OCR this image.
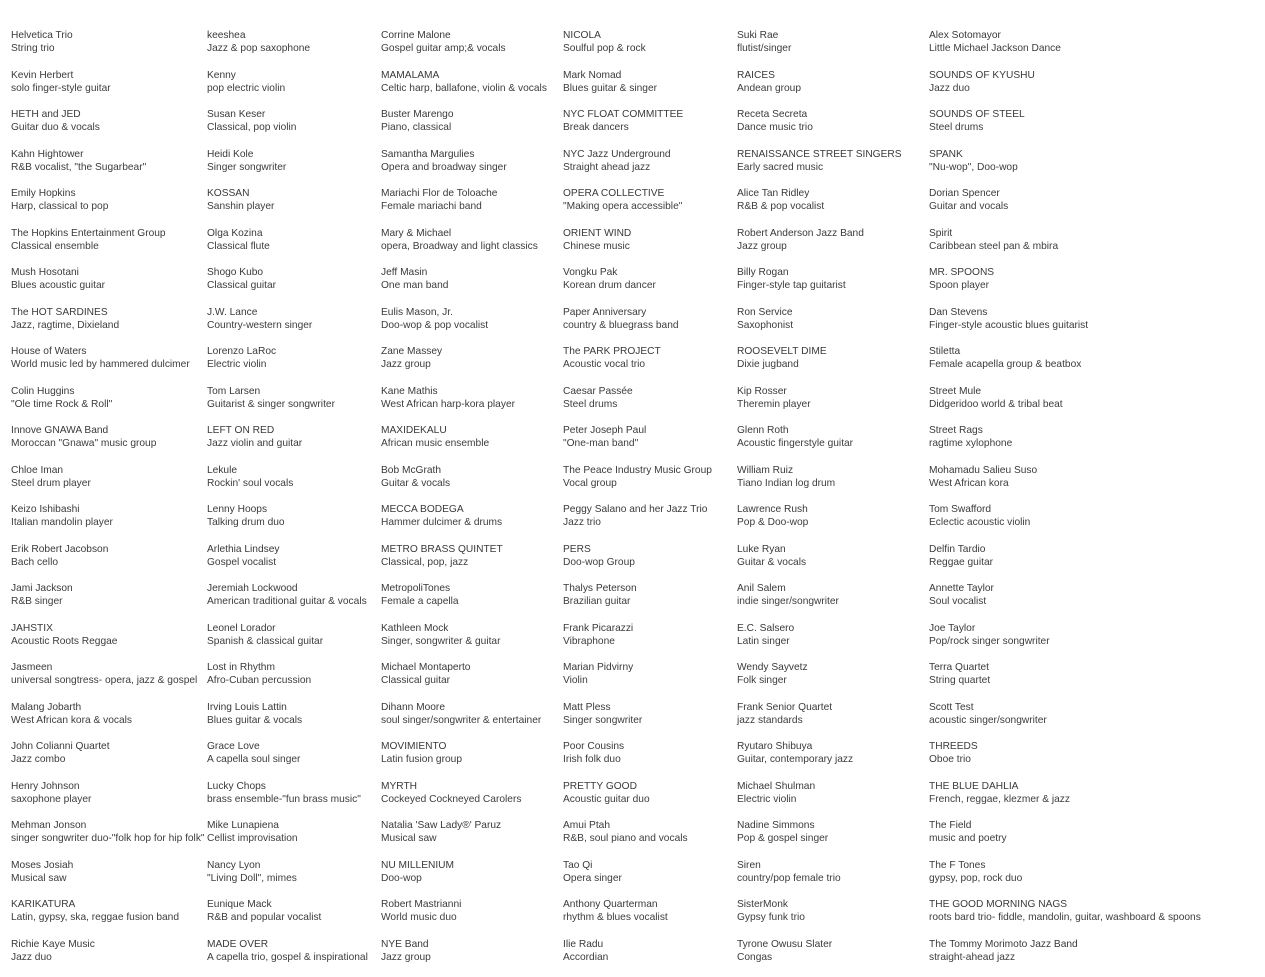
Helvetica Trio
String trio
Kevin Herbert
solo finger-style guitar
HETH and JED
Guitar duo & vocals
Kahn Hightower
R&B vocalist, "the Sugarbear"
Emily Hopkins
Harp, classical to pop
The Hopkins Entertainment Group
Classical ensemble
Mush Hosotani
Blues acoustic guitar
The HOT SARDINES
Jazz, ragtime, Dixieland
House of Waters
World music led by hammered dulcimer
Colin Huggins
"Ole time Rock & Roll"
Innove GNAWA Band
Moroccan "Gnawa" music group
Chloe Iman
Steel drum player
Keizo Ishibashi
Italian mandolin player
Erik Robert Jacobson
Bach cello
Jami Jackson
R&B singer
JAHSTIX
Acoustic Roots Reggae
Jasmeen
universal songtress- opera, jazz & gospel
Malang Jobarth
West African kora & vocals
John Colianni Quartet
Jazz combo
Henry Johnson
saxophone player
Mehman Jonson
singer songwriter duo-"folk hop for hip folk"
Moses Josiah
Musical saw
KARIKATURA
Latin, gypsy, ska, reggae fusion band
Richie Kaye Music
Jazz duo
keeshea
Jazz & pop saxophone
Kenny
pop electric violin
Susan Keser
Classical, pop violin
Heidi Kole
Singer songwriter
KOSSAN
Sanshin player
Olga Kozina
Classical flute
Shogo Kubo
Classical guitar
J.W. Lance
Country-western singer
Lorenzo LaRoc
Electric violin
Tom Larsen
Guitarist & singer songwriter
LEFT ON RED
Jazz violin and guitar
Lekule
Rockin' soul vocals
Lenny Hoops
Talking drum duo
Arlethia Lindsey
Gospel vocalist
Jeremiah Lockwood
American traditional guitar & vocals
Leonel Lorador
Spanish & classical guitar
Lost in Rhythm
Afro-Cuban percussion
Irving Louis Lattin
Blues guitar & vocals
Grace Love
A capella soul singer
Lucky Chops
brass ensemble-"fun brass music"
Mike Lunapiena
Cellist improvisation
Nancy Lyon
"Living Doll", mimes
Eunique Mack
R&B and popular vocalist
MADE OVER
A capella trio, gospel & inspirational
Corrine Malone
Gospel guitar amp;& vocals
MAMALAMA
Celtic harp, ballafone, violin & vocals
Buster Marengo
Piano, classical
Samantha Margulies
Opera and broadway singer
Mariachi Flor de Toloache
Female mariachi band
Mary & Michael
opera, Broadway and light classics
Jeff Masin
One man band
Eulis Mason, Jr.
Doo-wop & pop vocalist
Zane Massey
Jazz group
Kane Mathis
West African harp-kora player
MAXIDEKALU
African music ensemble
Bob McGrath
Guitar & vocals
MECCA BODEGA
Hammer dulcimer & drums
METRO BRASS QUINTET
Classical, pop, jazz
MetropoliTones
Female a capella
Kathleen Mock
Singer, songwriter & guitar
Michael Montaperto
Classical guitar
Dihann Moore
soul singer/songwriter & entertainer
MOVIMIENTO
Latin fusion group
MYRTH
Cockeyed Cockneyed Carolers
Natalia 'Saw Lady®' Paruz
Musical saw
NU MILLENIUM
Doo-wop
Robert Mastrianni
World music duo
NYE Band
Jazz group
NICOLA
Soulful pop & rock
Mark Nomad
Blues guitar & singer
NYC FLOAT COMMITTEE
Break dancers
NYC Jazz Underground
Straight ahead jazz
OPERA COLLECTIVE
"Making opera accessible"
ORIENT WIND
Chinese music
Vongku Pak
Korean drum dancer
Paper Anniversary
country & bluegrass band
The PARK PROJECT
Acoustic vocal trio
Caesar Passée
Steel drums
Peter Joseph Paul
"One-man band"
The Peace Industry Music Group
Vocal group
Peggy Salano and her Jazz Trio
Jazz trio
PERS
Doo-wop Group
Thalys Peterson
Brazilian guitar
Frank Picarazzi
Vibraphone
Marian Pidvirny
Violin
Matt Pless
Singer songwriter
Poor Cousins
Irish folk duo
PRETTY GOOD
Acoustic guitar duo
Amui Ptah
R&B, soul piano and vocals
Tao Qi
Opera singer
Anthony Quarterman
rhythm & blues vocalist
Ilie Radu
Accordian
Suki Rae
flutist/singer
RAICES
Andean group
Receta Secreta
Dance music trio
RENAISSANCE STREET SINGERS
Early sacred music
Alice Tan Ridley
R&B & pop vocalist
Robert Anderson Jazz Band
Jazz group
Billy Rogan
Finger-style tap guitarist
Ron Service
Saxophonist
ROOSEVELT DIME
Dixie jugband
Kip Rosser
Theremin player
Glenn Roth
Acoustic fingerstyle guitar
William Ruiz
Tiano Indian log drum
Lawrence Rush
Pop & Doo-wop
Luke Ryan
Guitar & vocals
Anil Salem
indie singer/songwriter
E.C. Salsero
Latin singer
Wendy Sayvetz
Folk singer
Frank Senior Quartet
jazz standards
Ryutaro Shibuya
Guitar, contemporary jazz
Michael Shulman
Electric violin
Nadine Simmons
Pop & gospel singer
Siren
country/pop female trio
SisterMonk
Gypsy funk trio
Tyrone Owusu Slater
Congas
Alex Sotomayor
Little Michael Jackson Dance
SOUNDS OF KYUSHU
Jazz duo
SOUNDS OF STEEL
Steel drums
SPANK
"Nu-wop", Doo-wop
Dorian Spencer
Guitar and vocals
Spirit
Caribbean steel pan & mbira
MR. SPOONS
Spoon player
Dan Stevens
Finger-style acoustic blues guitarist
Stiletta
Female acapella group & beatbox
Street Mule
Didgeridoo world & tribal beat
Street Rags
ragtime xylophone
Mohamadu Salieu Suso
West African kora
Tom Swafford
Eclectic acoustic violin
Delfin Tardio
Reggae guitar
Annette Taylor
Soul vocalist
Joe Taylor
Pop/rock singer songwriter
Terra Quartet
String quartet
Scott Test
acoustic singer/songwriter
THREEDS
Oboe trio
THE BLUE DAHLIA
French, reggae, klezmer & jazz
The Field
music and poetry
The F Tones
gypsy, pop, rock duo
THE GOOD MORNING NAGS
roots bard trio- fiddle, mandolin, guitar, washboard & spoons
The Tommy Morimoto Jazz Band
straight-ahead jazz
